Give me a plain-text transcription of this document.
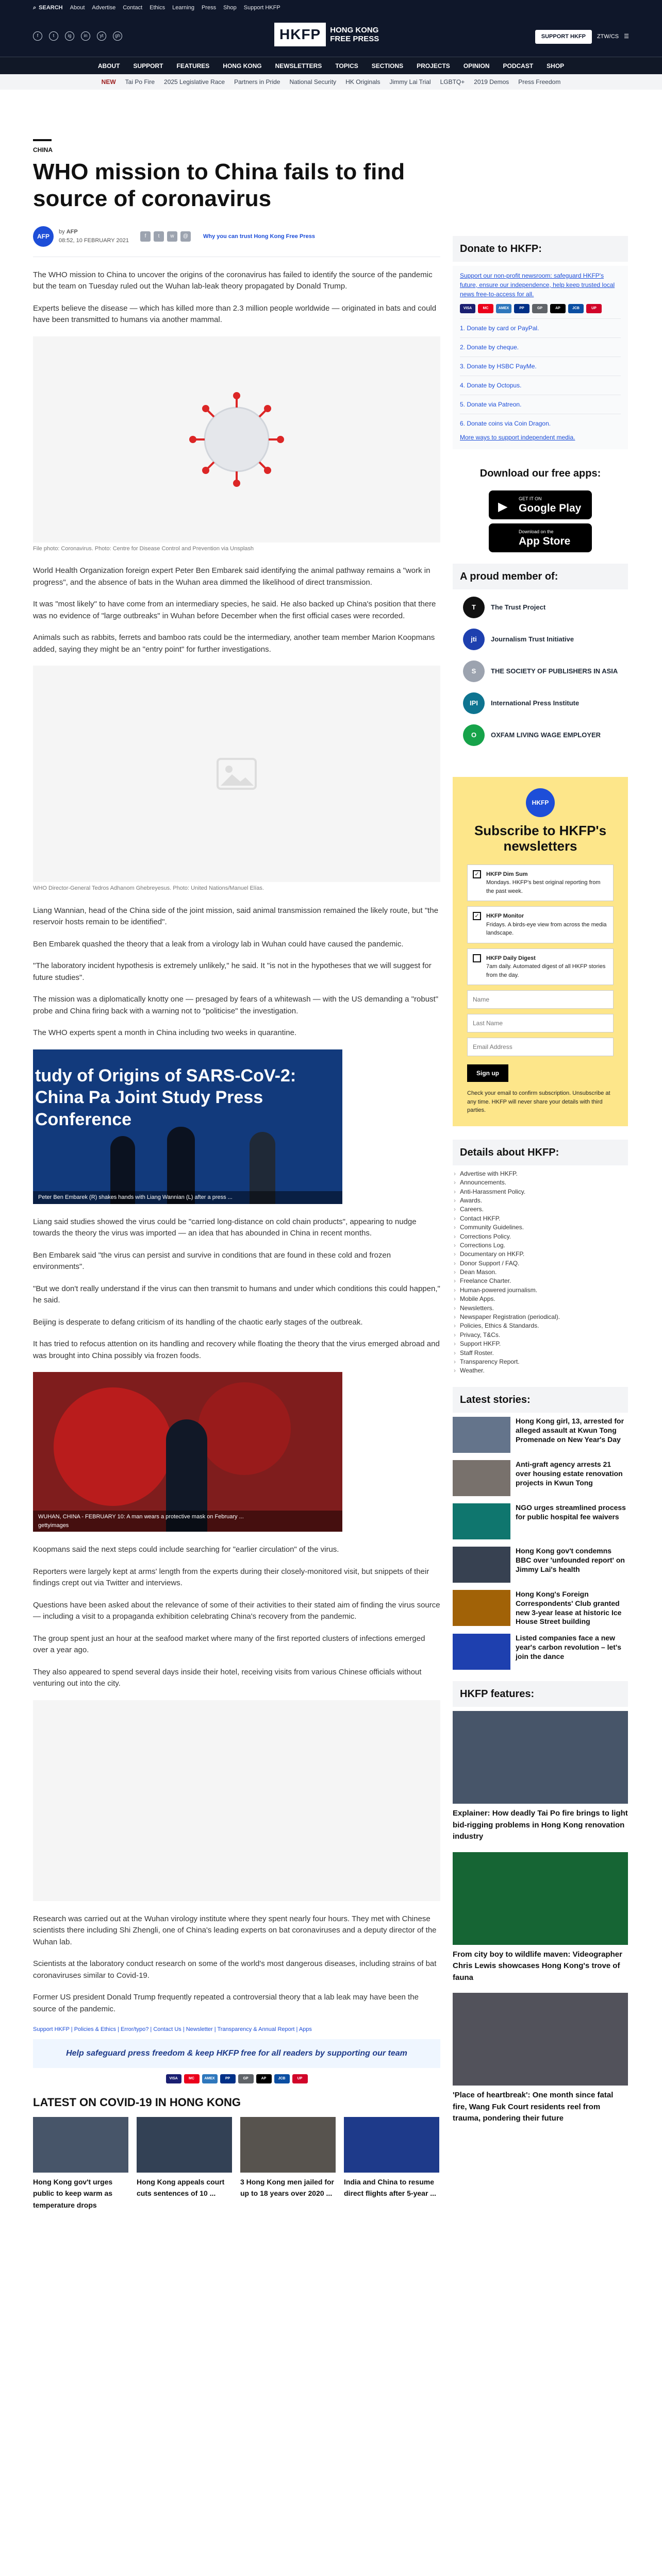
⌕ SEARCH About Advertise Contact Ethics Learning Press Shop Support HKFP
f	t	ig	in	yt	gh	HKFP	HONG KONG
FREE PRESS	SUPPORT HKFP	ZTW/CS ☰
ABOUT SUPPORT FEATURES HONG KONG NEWSLETTERS TOPICS SECTIONS PROJECTS OPINION PODCAST SHOP
NEW Tai Po Fire 2025 Legislative Race Partners in Pride National Security HK Originals Jimmy Lai Trial LGBTQ+ 2019 Demos Press Freedom
CHINA
WHO mission to China fails to find source of coronavirus
AFP
by AFP
08:52, 10 FEBRUARY 2021
f	t	w	@	Why you can trust Hong Kong Free Press

The WHO mission to China to uncover the origins of the coronavirus has failed to identify the source of the pandemic but the team on Tuesday ruled out the Wuhan lab-leak theory propagated by Donald Trump.

Experts believe the disease — which has killed more than 2.3 million people worldwide — originated in bats and could have been transmitted to humans via another mammal.

File photo: Coronavirus. Photo: Centre for Disease Control and Prevention via Unsplash

World Health Organization foreign expert Peter Ben Embarek said identifying the animal pathway remains a "work in progress", and the absence of bats in the Wuhan area dimmed the likelihood of direct transmission.

It was "most likely" to have come from an intermediary species, he said. He also backed up China's position that there was no evidence of "large outbreaks" in Wuhan before December when the first official cases were recorded.

Animals such as rabbits, ferrets and bamboo rats could be the intermediary, another team member Marion Koopmans added, saying they might be an "entry point" for further investigations.

WHO Director-General Tedros Adhanom Ghebreyesus. Photo: United Nations/Manuel Elías.

Liang Wannian, head of the China side of the joint mission, said animal transmission remained the likely route, but "the reservoir hosts remain to be identified".

Ben Embarek quashed the theory that a leak from a virology lab in Wuhan could have caused the pandemic.

"The laboratory incident hypothesis is extremely unlikely," he said. It "is not in the hypotheses that we will suggest for future studies".

The mission was a diplomatically knotty one — presaged by fears of a whitewash — with the US demanding a "robust" probe and China firing back with a warning not to "politicise" the investigation.

The WHO experts spent a month in China including two weeks in quarantine.

tudy of Origins of SARS-CoV-2: China Pa Joint Study Press Conference
Peter Ben Embarek (R) shakes hands with Liang Wannian (L) after a press ...

Liang said studies showed the virus could be "carried long-distance on cold chain products", appearing to nudge towards the theory the virus was imported — an idea that has abounded in China in recent months.

Ben Embarek said "the virus can persist and survive in conditions that are found in these cold and frozen environments".

"But we don't really understand if the virus can then transmit to humans and under which conditions this could happen," he said.

Beijing is desperate to defang criticism of its handling of the chaotic early stages of the outbreak.

It has tried to refocus attention on its handling and recovery while floating the theory that the virus emerged abroad and was brought into China possibly via frozen foods.

WUHAN, CHINA - FEBRUARY 10: A man wears a protective mask on February ...
gettyimages

Koopmans said the next steps could include searching for "earlier circulation" of the virus.

Reporters were largely kept at arms' length from the experts during their closely-monitored visit, but snippets of their findings crept out via Twitter and interviews.

Questions have been asked about the relevance of some of their activities to their stated aim of finding the virus source — including a visit to a propaganda exhibition celebrating China's recovery from the pandemic.

The group spent just an hour at the seafood market where many of the first reported clusters of infections emerged over a year ago.

They also appeared to spend several days inside their hotel, receiving visits from various Chinese officials without venturing out into the city.

Research was carried out at the Wuhan virology institute where they spent nearly four hours. They met with Chinese scientists there including Shi Zhengli, one of China's leading experts on bat coronaviruses and a deputy director of the Wuhan lab.

Scientists at the laboratory conduct research on some of the world's most dangerous diseases, including strains of bat coronaviruses similar to Covid-19.

Former US president Donald Trump frequently repeated a controversial theory that a lab leak may have been the source of the pandemic.

Support HKFP | Policies & Ethics | Error/typo? | Contact Us | Newsletter | Transparency & Annual Report | Apps
Help safeguard press freedom & keep HKFP free for all readers by supporting our team
VISA	MC	AMEX	PP	GP	AP	JCB	UP
LATEST ON COVID-19 IN HONG KONG
Hong Kong gov't urges public to keep warm as temperature drops
Hong Kong appeals court cuts sentences of 10 ...
3 Hong Kong men jailed for up to 18 years over 2020 ...
India and China to resume direct flights after 5-year ...
Donate to HKFP:
Support our non-profit newsroom: safeguard HKFP's future, ensure our independence, help keep trusted local news free-to-access for all.
VISA	MC	AMEX	PP	GP	AP	JCB	UP
1. Donate by card or PayPal.
2. Donate by cheque.
3. Donate by HSBC PayMe.
4. Donate by Octopus.
5. Donate via Patreon.
6. Donate coins via Coin Dragon.
More ways to support independent media.
Download our free apps:
▶
GET IT ON
Google Play
Download on the
App Store
A proud member of:
T	The Trust Project
jti	Journalism Trust Initiative
S	THE SOCIETY OF PUBLISHERS IN ASIA
IPI	International Press Institute
O	OXFAM LIVING WAGE EMPLOYER
HKFP
Subscribe to HKFP's newsletters
✓	HKFP Dim Sum
Mondays. HKFP's best original reporting from the past week.
✓	HKFP Monitor
Fridays. A birds-eye view from across the media landscape.
HKFP Daily Digest
7am daily. Automated digest of all HKFP stories from the day.
Name
Last Name
Email Address
Sign up
Check your email to confirm subscription. Unsubscribe at any time. HKFP will never share your details with third parties.
Details about HKFP:
› Advertise with HKFP.
› Announcements.
› Anti-Harassment Policy.
› Awards.
› Careers.
› Contact HKFP.
› Community Guidelines.
› Corrections Policy.
› Corrections Log.
› Documentary on HKFP.
› Donor Support / FAQ.
› Dean Mason.
› Freelance Charter.
› Human-powered journalism.
› Mobile Apps.
› Newsletters.
› Newspaper Registration (periodical).
› Policies, Ethics & Standards.
› Privacy, T&Cs.
› Support HKFP.
› Staff Roster.
› Transparency Report.
› Weather.
Latest stories:
Hong Kong girl, 13, arrested for alleged assault at Kwun Tong Promenade on New Year's Day
Anti-graft agency arrests 21 over housing estate renovation projects in Kwun Tong
NGO urges streamlined process for public hospital fee waivers
Hong Kong gov't condemns BBC over 'unfounded report' on Jimmy Lai's health
Hong Kong's Foreign Correspondents' Club granted new 3-year lease at historic Ice House Street building
Listed companies face a new year's carbon revolution – let's join the dance
HKFP features:
Explainer: How deadly Tai Po fire brings to light bid-rigging problems in Hong Kong renovation industry
From city boy to wildlife maven: Videographer Chris Lewis showcases Hong Kong's trove of fauna
'Place of heartbreak': One month since fatal fire, Wang Fuk Court residents reel from trauma, pondering their future
